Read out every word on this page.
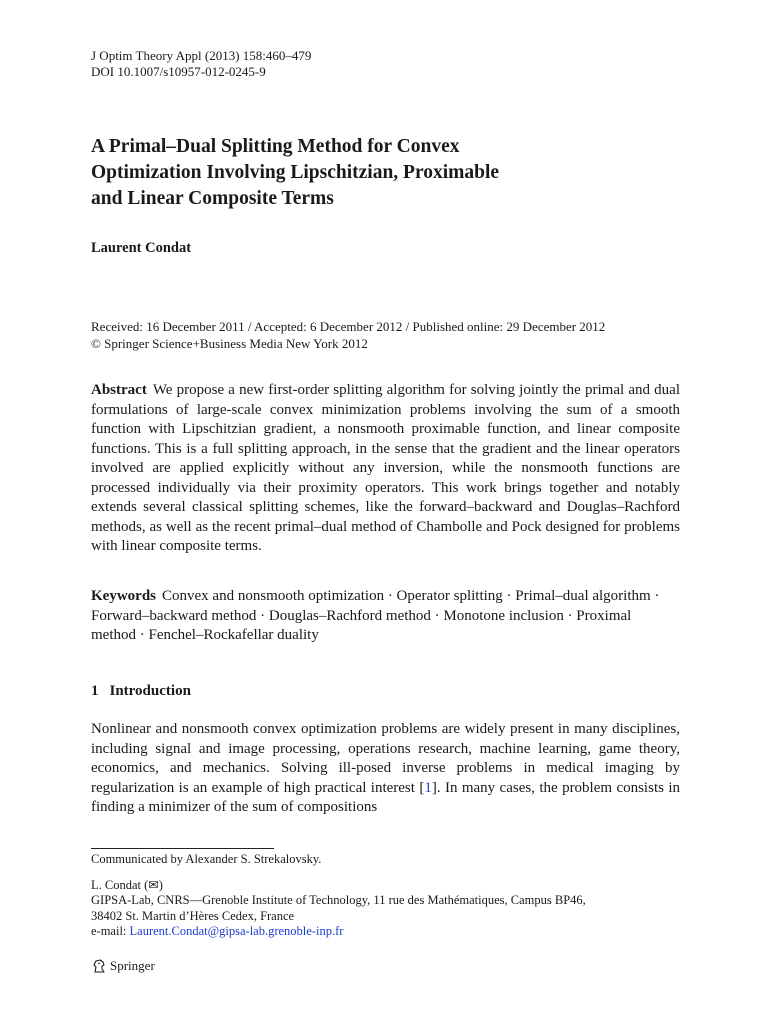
J Optim Theory Appl (2013) 158:460–479
DOI 10.1007/s10957-012-0245-9
A Primal–Dual Splitting Method for Convex
Optimization Involving Lipschitzian, Proximable
and Linear Composite Terms
Laurent Condat
Received: 16 December 2011 / Accepted: 6 December 2012 / Published online: 29 December 2012
© Springer Science+Business Media New York 2012
Abstract We propose a new first-order splitting algorithm for solving jointly the primal and dual formulations of large-scale convex minimization problems involving the sum of a smooth function with Lipschitzian gradient, a nonsmooth proximable function, and linear composite functions. This is a full splitting approach, in the sense that the gradient and the linear operators involved are applied explicitly without any inversion, while the nonsmooth functions are processed individually via their proximity operators. This work brings together and notably extends several classical splitting schemes, like the forward–backward and Douglas–Rachford methods, as well as the recent primal–dual method of Chambolle and Pock designed for problems with linear composite terms.
Keywords Convex and nonsmooth optimization · Operator splitting · Primal–dual algorithm · Forward–backward method · Douglas–Rachford method · Monotone inclusion · Proximal method · Fenchel–Rockafellar duality
1 Introduction
Nonlinear and nonsmooth convex optimization problems are widely present in many disciplines, including signal and image processing, operations research, machine learning, game theory, economics, and mechanics. Solving ill-posed inverse problems in medical imaging by regularization is an example of high practical interest [1]. In many cases, the problem consists in finding a minimizer of the sum of compositions
Communicated by Alexander S. Strekalovsky.
L. Condat (✉)
GIPSA-Lab, CNRS—Grenoble Institute of Technology, 11 rue des Mathématiques, Campus BP46,
38402 St. Martin d’Hères Cedex, France
e-mail: Laurent.Condat@gipsa-lab.grenoble-inp.fr
Springer
